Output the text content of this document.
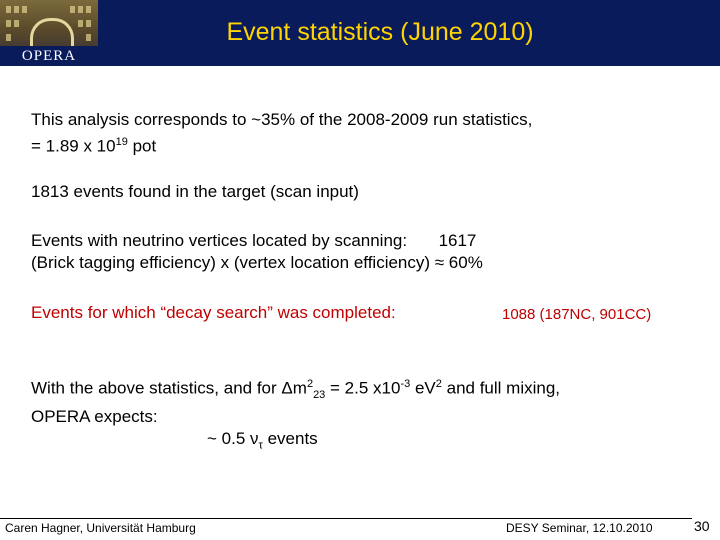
OPERA
Event statistics (June 2010)
This analysis corresponds to ~35% of the 2008-2009 run statistics,
= 1.89 x $10^{19}$ pot
1813 events found in the target (scan input)
Events with neutrino vertices located by scanning: 1617
(Brick tagging efficiency) x (vertex location efficiency) ≈ 60%
Events for which “decay search” was completed:	1088 (187NC, 901CC)
With the above statistics, and for $\Delta m^2_{23} = 2.5$ $x10^{-3}$ $eV^2$ and full mixing,
OPERA expects:
~ 0.5 $\nu_\tau$ events
Caren Hagner, Universität Hamburg	DESY Seminar, 12.10.2010	30
